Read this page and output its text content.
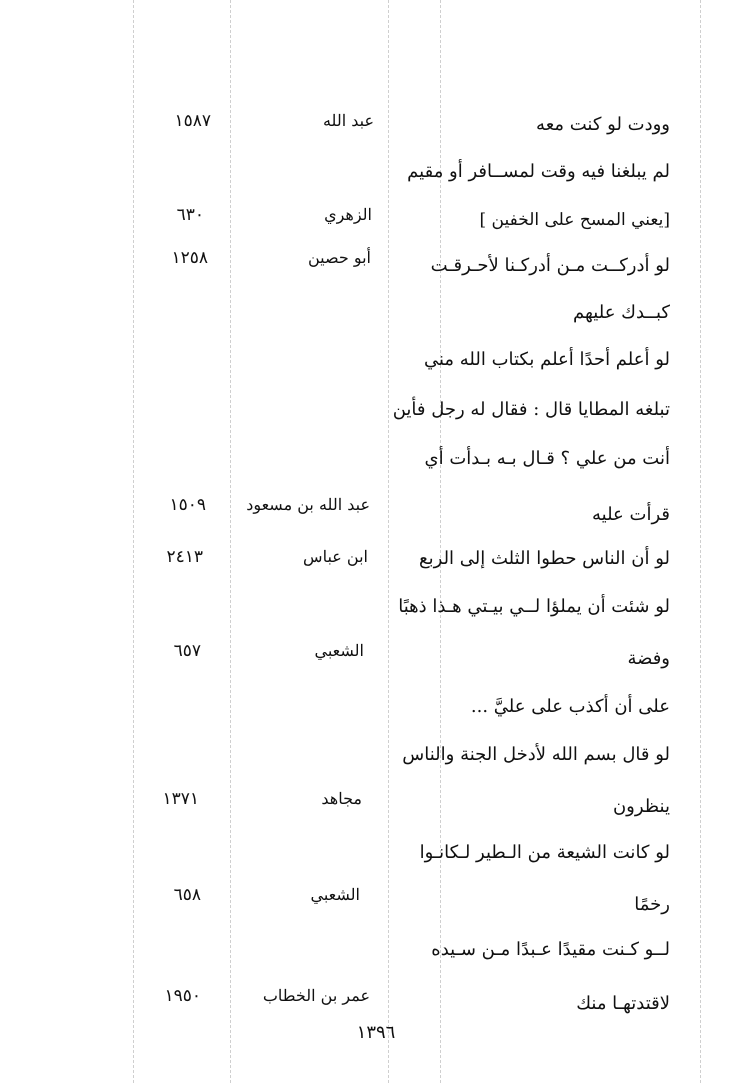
وودت لو كنت معه
عبد الله
١٥٨٧
لم يبلغنا فيه وقت لمســافر أو مقيم
[يعني المسح على الخفين ]
الزهري
٦٣٠
لو أدركــت مـن أدركـنا لأحـرقـت
أبو حصين
١٢٥٨
كبــدك عليهم
لو أعلم أحدًا أعلم بكتاب الله مني
تبلغه المطايا قال : فقال له رجل فأين
أنت من علي ؟ قـال بـه بـدأت أي
قرأت عليه
عبد الله بن مسعود
١٥٠٩
لو أن الناس حطوا الثلث إلى الربع
ابن عباس
٢٤١٣
لو شئت أن يملؤا لــي بيـتي هـذا ذهبًا
وفضة
الشعبي
٦٥٧
على أن أكذب على عليَّ ...
لو قال بسم الله لأدخل الجنة والناس
ينظرون
مجاهد
١٣٧١
لو كانت الشيعة من الـطير لـكانـوا
رخمًا
الشعبي
٦٥٨
لــو كـنت مقيدًا عـبدًا مـن سـيده
لاقتدتهـا منك
عمر بن الخطاب
١٩٥٠
١٣٩٦
